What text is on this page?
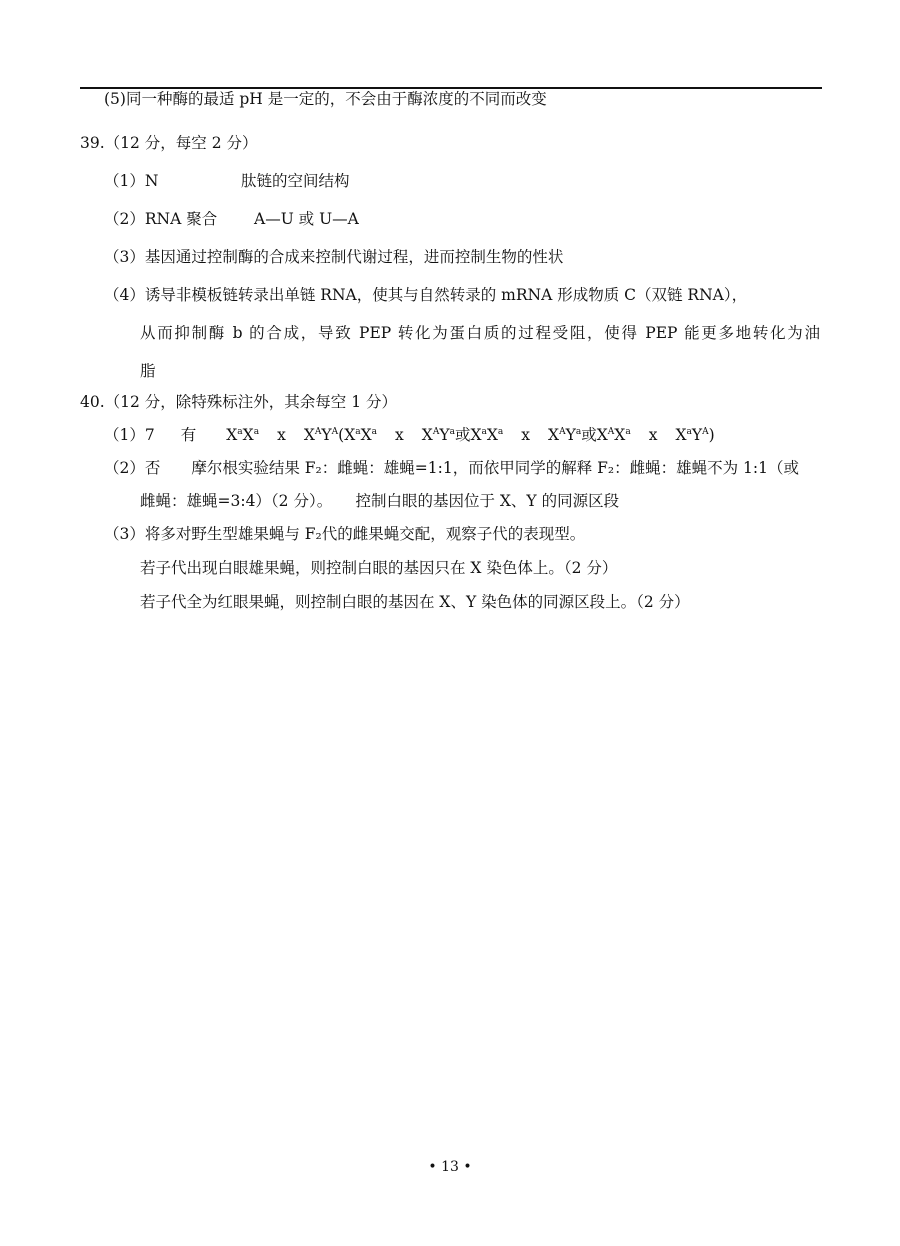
(5)同一种酶的最适 pH 是一定的，不会由于酶浓度的不同而改变
39.（12 分，每空 2 分）
（1）N	肽链的空间结构
（2）RNA 聚合 A—U 或 U—A
（3）基因通过控制酶的合成来控制代谢过程，进而控制生物的性状
（4）诱导非模板链转录出单链 RNA，使其与自然转录的 mRNA 形成物质 C（双链 RNA），
从而抑制酶 b 的合成，导致 PEP 转化为蛋白质的过程受阻，使得 PEP 能更多地转化为油
脂
40.（12 分，除特殊标注外，其余每空 1 分）
（1）7 有 $X^aX^a$ x $X^AY^A(X^aX^a$ x $X^AY^a$或$X^aX^a$ x $X^AY^a$或$X^AX^a$ x $X^aY^A$)
（2）否　　摩尔根实验结果 F₂：雌蝇：雄蝇=1:1，而依甲同学的解释 F₂：雌蝇：雄蝇不为 1:1（或
雌蝇：雄蝇=3:4）（2 分）。　　控制白眼的基因位于 X、Y 的同源区段
（3）将多对野生型雄果蝇与 F₂代的雌果蝇交配，观察子代的表现型。
若子代出现白眼雄果蝇，则控制白眼的基因只在 X 染色体上。（2 分）
若子代全为红眼果蝇，则控制白眼的基因在 X、Y 染色体的同源区段上。（2 分）
• 13 •
